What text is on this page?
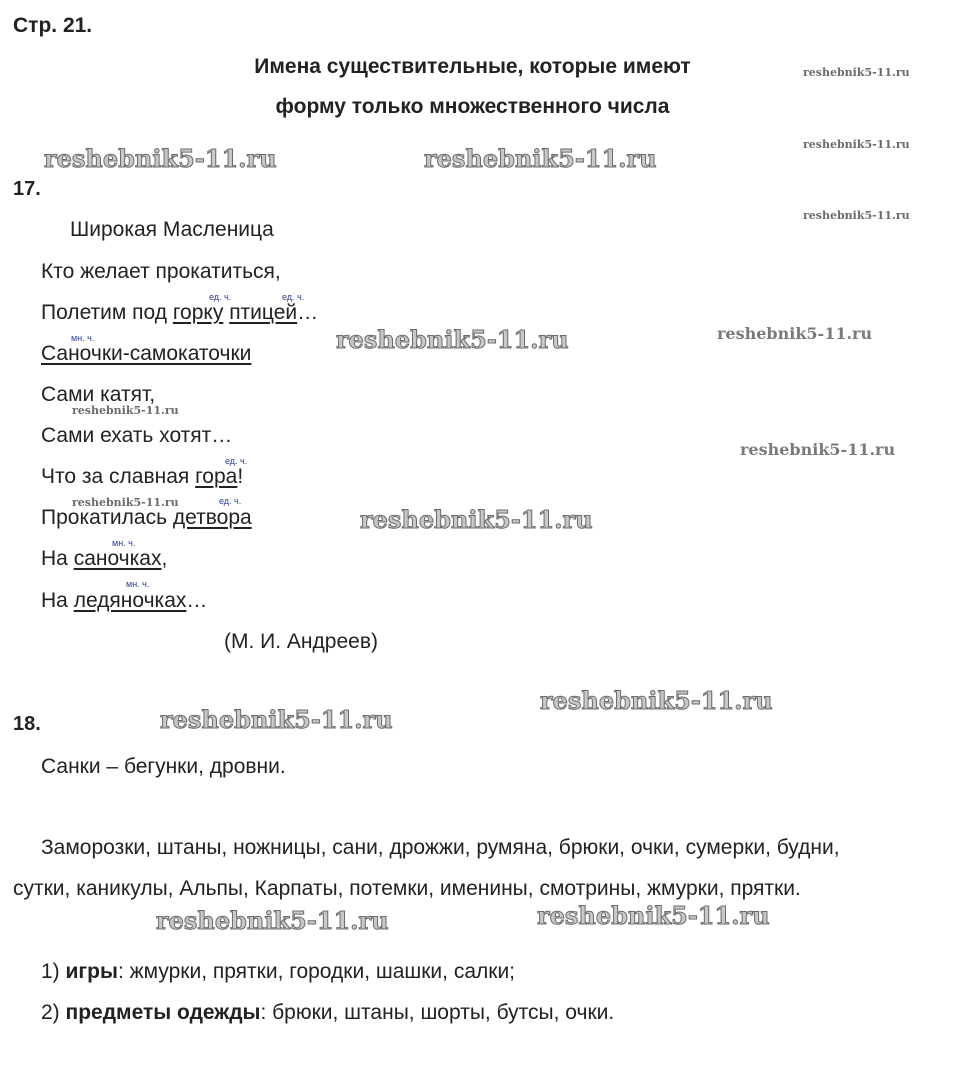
Стр. 21.
Имена существительные, которые имеют
форму только множественного числа
17.
Широкая Масленица
Кто желает прокатиться,
Полетим под горку птицей…
ед. ч.	ед. ч.
Саночки-самокаточки
мн. ч.
Сами катят,
Сами ехать хотят…
Что за славная гора!
ед. ч.
Прокатилась детвора
ед. ч.
На саночках,
мн. ч.
На ледяночках…
мн. ч.
(М. И. Андреев)
18.
Санки – бегунки, дровни.
Заморозки, штаны, ножницы, сани, дрожжи, румяна, брюки, очки, сумерки, будни,
сутки, каникулы, Альпы, Карпаты, потемки, именины, смотрины, жмурки, прятки.
1) игры: жмурки, прятки, городки, шашки, салки;
2) предметы одежды: брюки, штаны, шорты, бутсы, очки.
reshebnik5-11.ru
reshebnik5-11.ru
reshebnik5-11.ru
reshebnik5-11.ru
reshebnik5-11.ru
reshebnik5-11.ru
reshebnik5-11.ru
reshebnik5-11.ru	reshebnik5-11.ru
reshebnik5-11.ru
reshebnik5-11.ru
reshebnik5-11.ru
reshebnik5-11.ru
reshebnik5-11.ru
reshebnik5-11.ru
